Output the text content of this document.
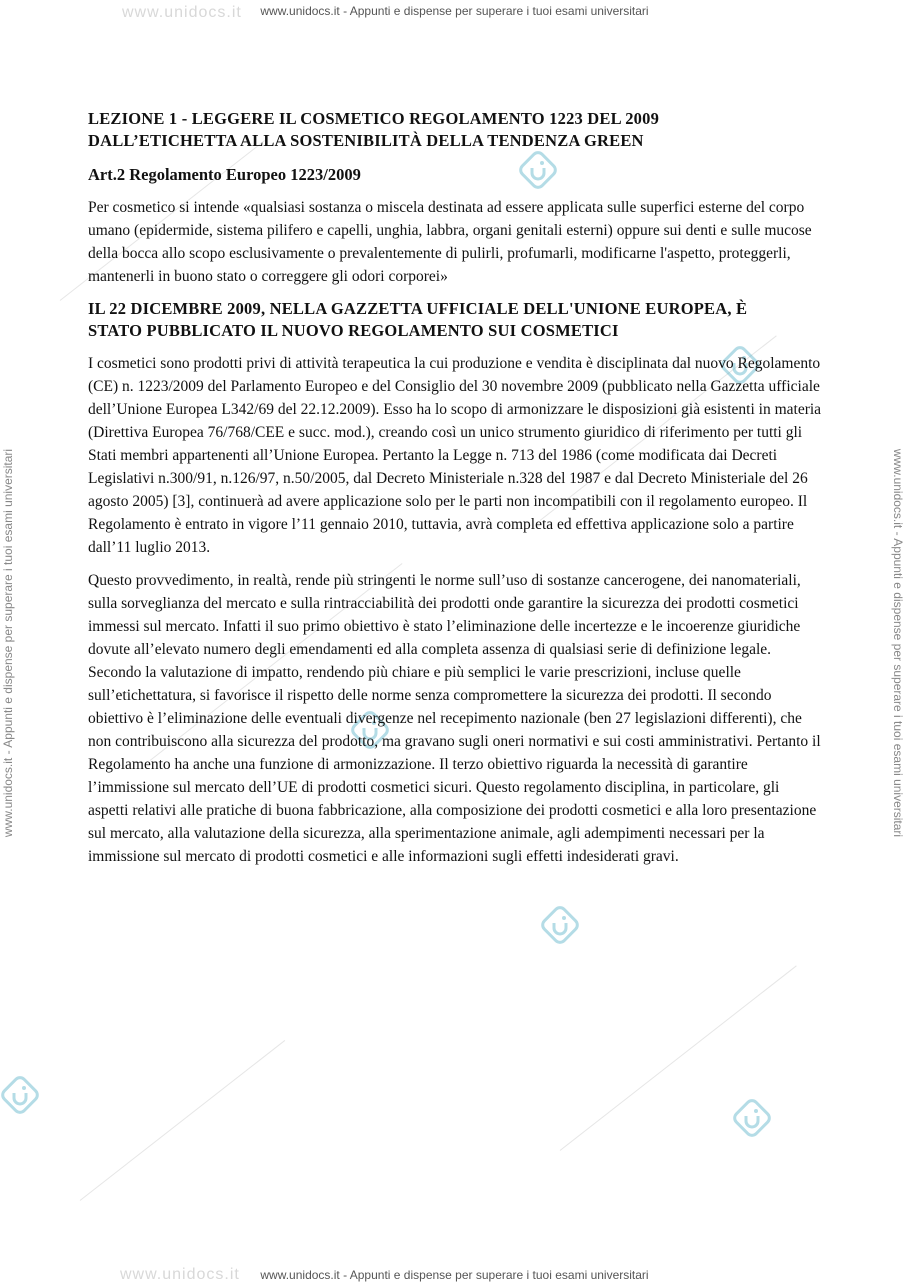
www.unidocs.it
www.unidocs.it
www.unidocs.it - Appunti e dispense per superare i tuoi esami universitari
www.unidocs.it - Appunti e dispense per superare i tuoi esami universitari
www.unidocs.it - Appunti e dispense per superare i tuoi esami universitari	www.unidocs.it - Appunti e dispense per superare i tuoi esami universitari
LEZIONE 1 - LEGGERE IL COSMETICO REGOLAMENTO 1223 DEL 2009
DALL’ETICHETTA ALLA SOSTENIBILITÀ DELLA TENDENZA GREEN
Art.2 Regolamento Europeo 1223/2009

Per cosmetico si intende «qualsiasi sostanza o miscela destinata ad essere applicata sulle superfici esterne del corpo umano (epidermide, sistema pilifero e capelli, unghia, labbra, organi genitali esterni) oppure sui denti e sulle mucose della bocca allo scopo esclusivamente o prevalentemente di pulirli, profumarli, modificarne l'aspetto, proteggerli, mantenerli in buono stato o correggere gli odori corporei»

IL 22 DICEMBRE 2009, NELLA GAZZETTA UFFICIALE DELL'UNIONE EUROPEA, È
STATO PUBBLICATO IL NUOVO REGOLAMENTO SUI COSMETICI

I cosmetici sono prodotti privi di attività terapeutica la cui produzione e vendita è disciplinata dal nuovo Regolamento (CE) n. 1223/2009 del Parlamento Europeo e del Consiglio del 30 novembre 2009 (pubblicato nella Gazzetta ufficiale dell’Unione Europea L342/69 del 22.12.2009). Esso ha lo scopo di armonizzare le disposizioni già esistenti in materia (Direttiva Europea 76/768/CEE e succ. mod.), creando così un unico strumento giuridico di riferimento per tutti gli Stati membri appartenenti all’Unione Europea. Pertanto la Legge n. 713 del 1986 (come modificata dai Decreti Legislativi n.300/91, n.126/97, n.50/2005, dal Decreto Ministeriale n.328 del 1987 e dal Decreto Ministeriale del 26 agosto 2005) [3], continuerà ad avere applicazione solo per le parti non incompatibili con il regolamento europeo. Il Regolamento è entrato in vigore l’11 gennaio 2010, tuttavia, avrà completa ed effettiva applicazione solo a partire dall’11 luglio 2013.

Questo provvedimento, in realtà, rende più stringenti le norme sull’uso di sostanze cancerogene, dei nanomateriali, sulla sorveglianza del mercato e sulla rintracciabilità dei prodotti onde garantire la sicurezza dei prodotti cosmetici immessi sul mercato. Infatti il suo primo obiettivo è stato l’eliminazione delle incertezze e le incoerenze giuridiche dovute all’elevato numero degli emendamenti ed alla completa assenza di qualsiasi serie di definizione legale. Secondo la valutazione di impatto, rendendo più chiare e più semplici le varie prescrizioni, incluse quelle sull’etichettatura, si favorisce il rispetto delle norme senza compromettere la sicurezza dei prodotti. Il secondo obiettivo è l’eliminazione delle eventuali divergenze nel recepimento nazionale (ben 27 legislazioni differenti), che non contribuiscono alla sicurezza del prodotto, ma gravano sugli oneri normativi e sui costi amministrativi. Pertanto il Regolamento ha anche una funzione di armonizzazione. Il terzo obiettivo riguarda la necessità di garantire l’immissione sul mercato dell’UE di prodotti cosmetici sicuri. Questo regolamento disciplina, in particolare, gli aspetti relativi alle pratiche di buona fabbricazione, alla composizione dei prodotti cosmetici e alla loro presentazione sul mercato, alla valutazione della sicurezza, alla sperimentazione animale, agli adempimenti necessari per la immissione sul mercato di prodotti cosmetici e alle informazioni sugli effetti indesiderati gravi.
